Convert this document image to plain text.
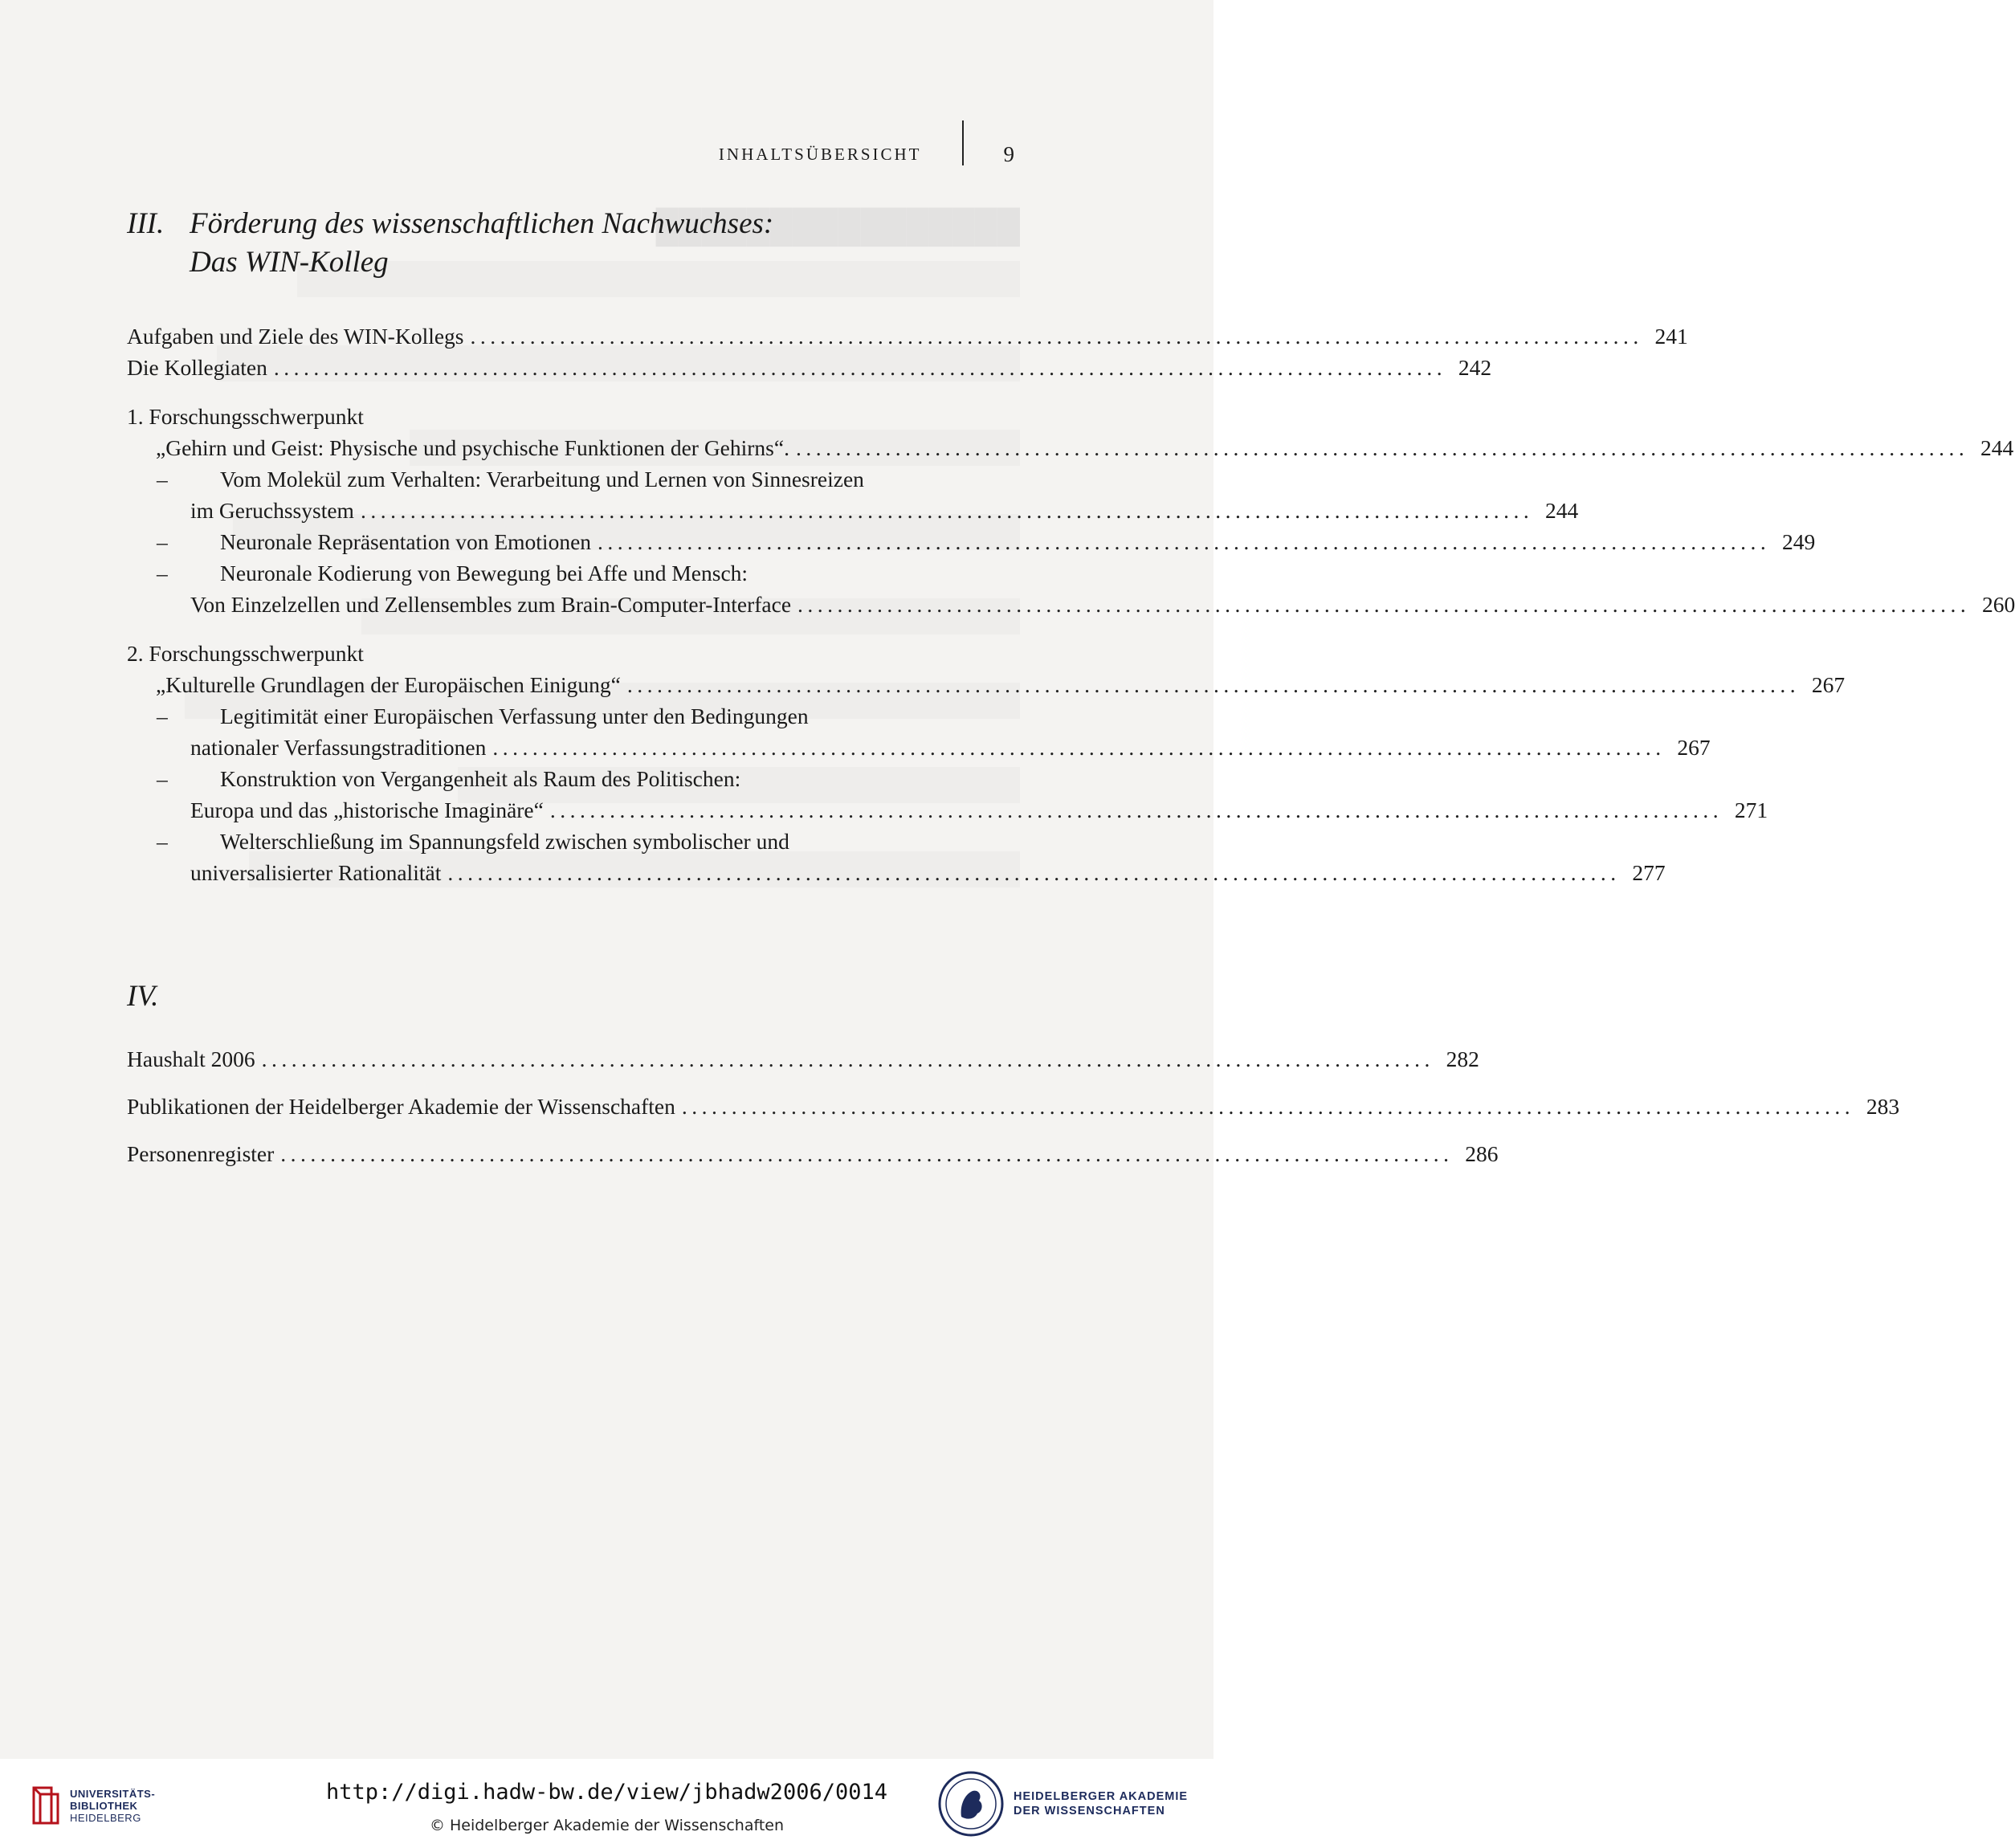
████████████████
INHALTSÜBERSICHT	9
III. Förderung des wissenschaftlichen Nachwuchses:
Das WIN-Kolleg
Aufgaben und Ziele des WIN-Kollegs ...................................................................................................................... 241
Die Kollegiaten ...................................................................................................................... 242
1. Forschungsschwerpunkt
„Gehirn und Geist: Physische und psychische Funktionen der Gehirns“. ...................................................................................................................... 244
–	Vom Molekül zum Verhalten: Verarbeitung und Lernen von Sinnesreizen
im Geruchssystem ...................................................................................................................... 244
–	Neuronale Repräsentation von Emotionen ...................................................................................................................... 249
–	Neuronale Kodierung von Bewegung bei Affe und Mensch:
Von Einzelzellen und Zellensembles zum Brain-Computer-Interface ...................................................................................................................... 260
2. Forschungsschwerpunkt
„Kulturelle Grundlagen der Europäischen Einigung“ ...................................................................................................................... 267
–	Legitimität einer Europäischen Verfassung unter den Bedingungen
nationaler Verfassungstraditionen ...................................................................................................................... 267
–	Konstruktion von Vergangenheit als Raum des Politischen:
Europa und das „historische Imaginäre“ ...................................................................................................................... 271
–	Welterschließung im Spannungsfeld zwischen symbolischer und
universalisierter Rationalität ...................................................................................................................... 277
IV.
Haushalt 2006 ...................................................................................................................... 282
Publikationen der Heidelberger Akademie der Wissenschaften ...................................................................................................................... 283
Personenregister ...................................................................................................................... 286
UNIVERSITÄTS-
BIBLIOTHEK
HEIDELBERG
http://digi.hadw-bw.de/view/jbhadw2006/0014
© Heidelberger Akademie der Wissenschaften
HEIDELBERGER AKADEMIE
DER WISSENSCHAFTEN
